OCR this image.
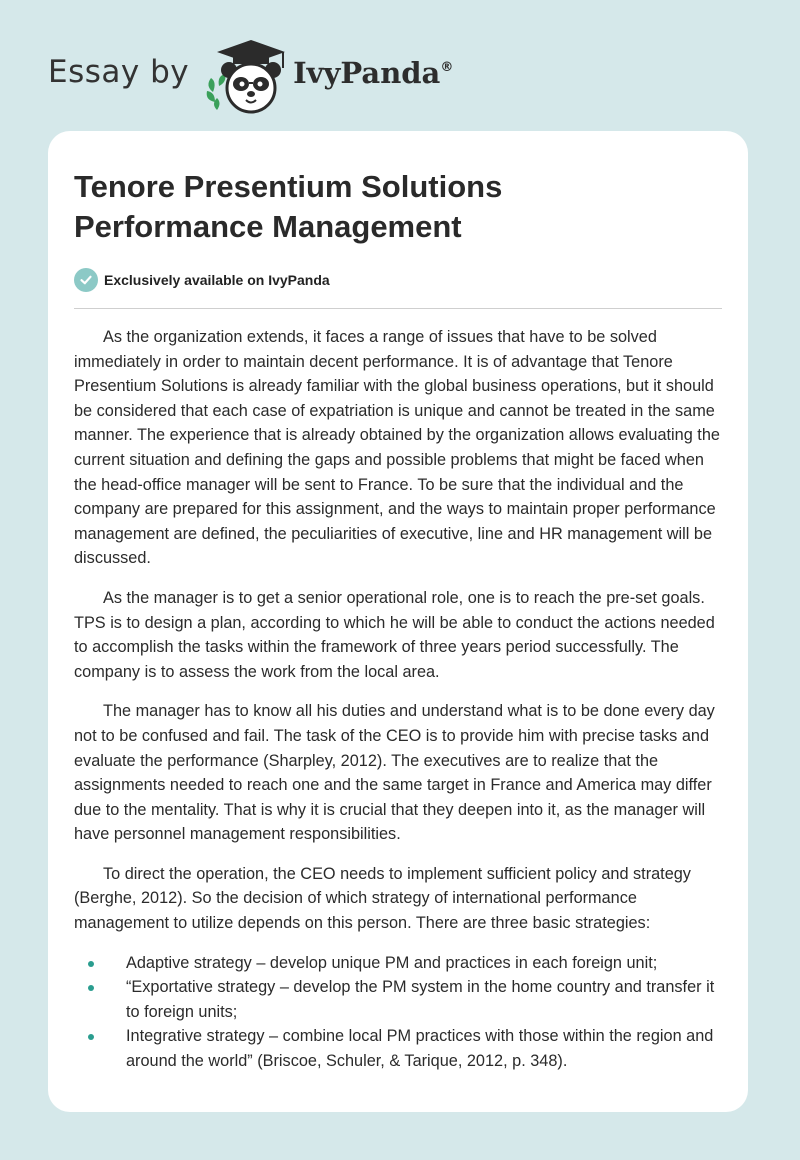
Essay by	IvyPanda®
Tenore Presentium Solutions
Performance Management
Exclusively available on IvyPanda

As the organization extends, it faces a range of issues that have to be solved immediately in order to maintain decent performance. It is of advantage that Tenore Presentium Solutions is already familiar with the global business operations, but it should be considered that each case of expatriation is unique and cannot be treated in the same manner. The experience that is already obtained by the organization allows evaluating the current situation and defining the gaps and possible problems that might be faced when the head-office manager will be sent to France. To be sure that the individual and the company are prepared for this assignment, and the ways to maintain proper performance management are defined, the peculiarities of executive, line and HR management will be discussed.

As the manager is to get a senior operational role, one is to reach the pre-set goals. TPS is to design a plan, according to which he will be able to conduct the actions needed to accomplish the tasks within the framework of three years period successfully. The company is to assess the work from the local area.

The manager has to know all his duties and understand what is to be done every day not to be confused and fail. The task of the CEO is to provide him with precise tasks and evaluate the performance (Sharpley, 2012). The executives are to realize that the assignments needed to reach one and the same target in France and America may differ due to the mentality. That is why it is crucial that they deepen into it, as the manager will have personnel management responsibilities.

To direct the operation, the CEO needs to implement sufficient policy and strategy (Berghe, 2012). So the decision of which strategy of international performance management to utilize depends on this person. There are three basic strategies:

Adaptive strategy – develop unique PM and practices in each foreign unit;
“Exportative strategy – develop the PM system in the home country and transfer it to foreign units;
Integrative strategy – combine local PM practices with those within the region and around the world” (Briscoe, Schuler, & Tarique, 2012, p. 348).
